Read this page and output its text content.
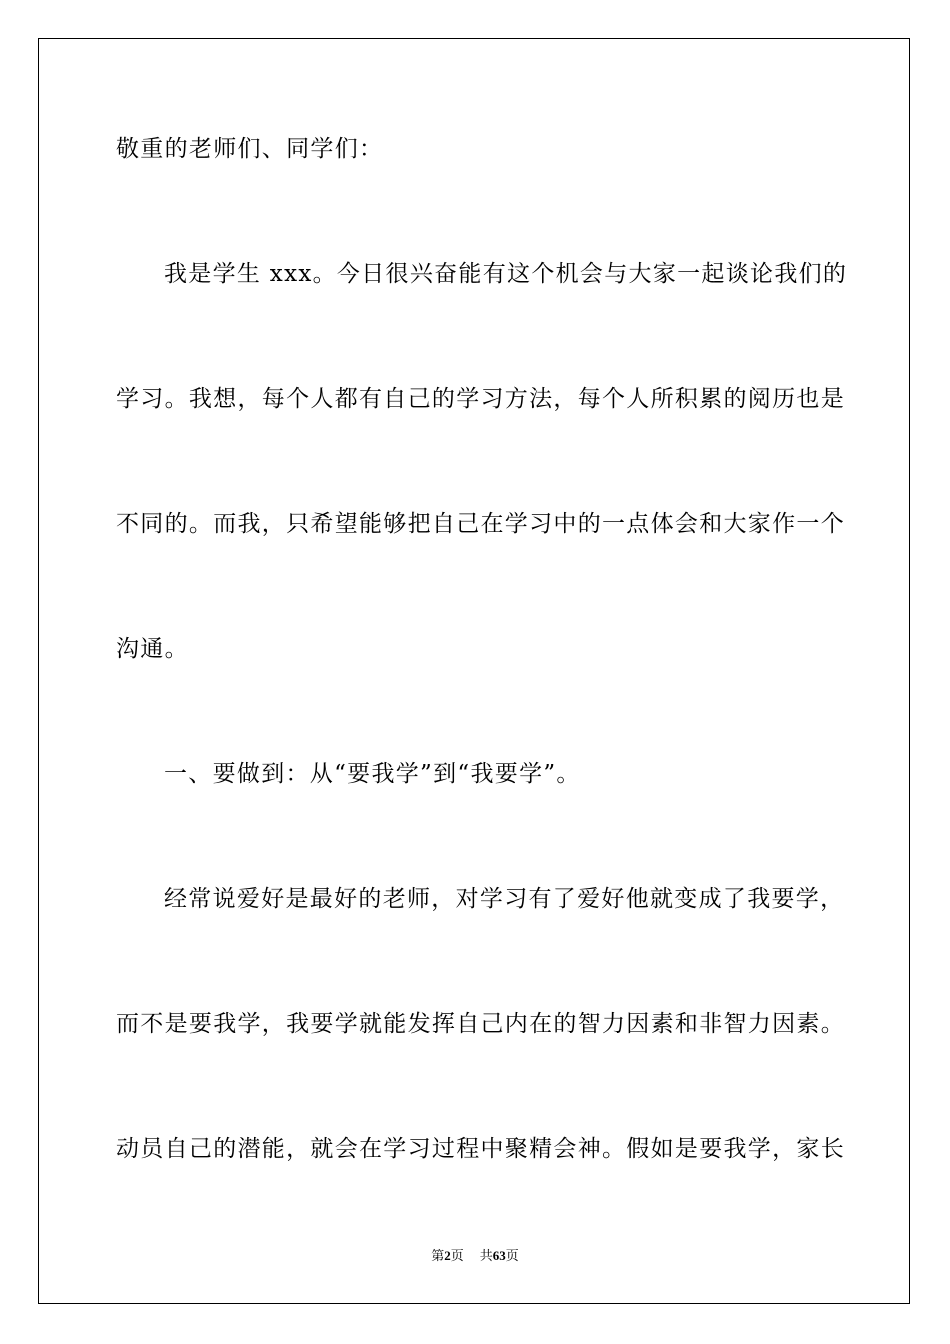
敬重的老师们、同学们：
我是学生 xxx。今日很兴奋能有这个机会与大家一起谈论我们的
学习。我想，每个人都有自己的学习方法，每个人所积累的阅历也是
不同的。而我，只希望能够把自己在学习中的一点体会和大家作一个
沟通。
一、要做到：从“要我学”到“我要学”。
经常说爱好是最好的老师，对学习有了爱好他就变成了我要学，
而不是要我学，我要学就能发挥自己内在的智力因素和非智力因素。
动员自己的潜能，就会在学习过程中聚精会神。假如是要我学，家长
第2页 共63页
